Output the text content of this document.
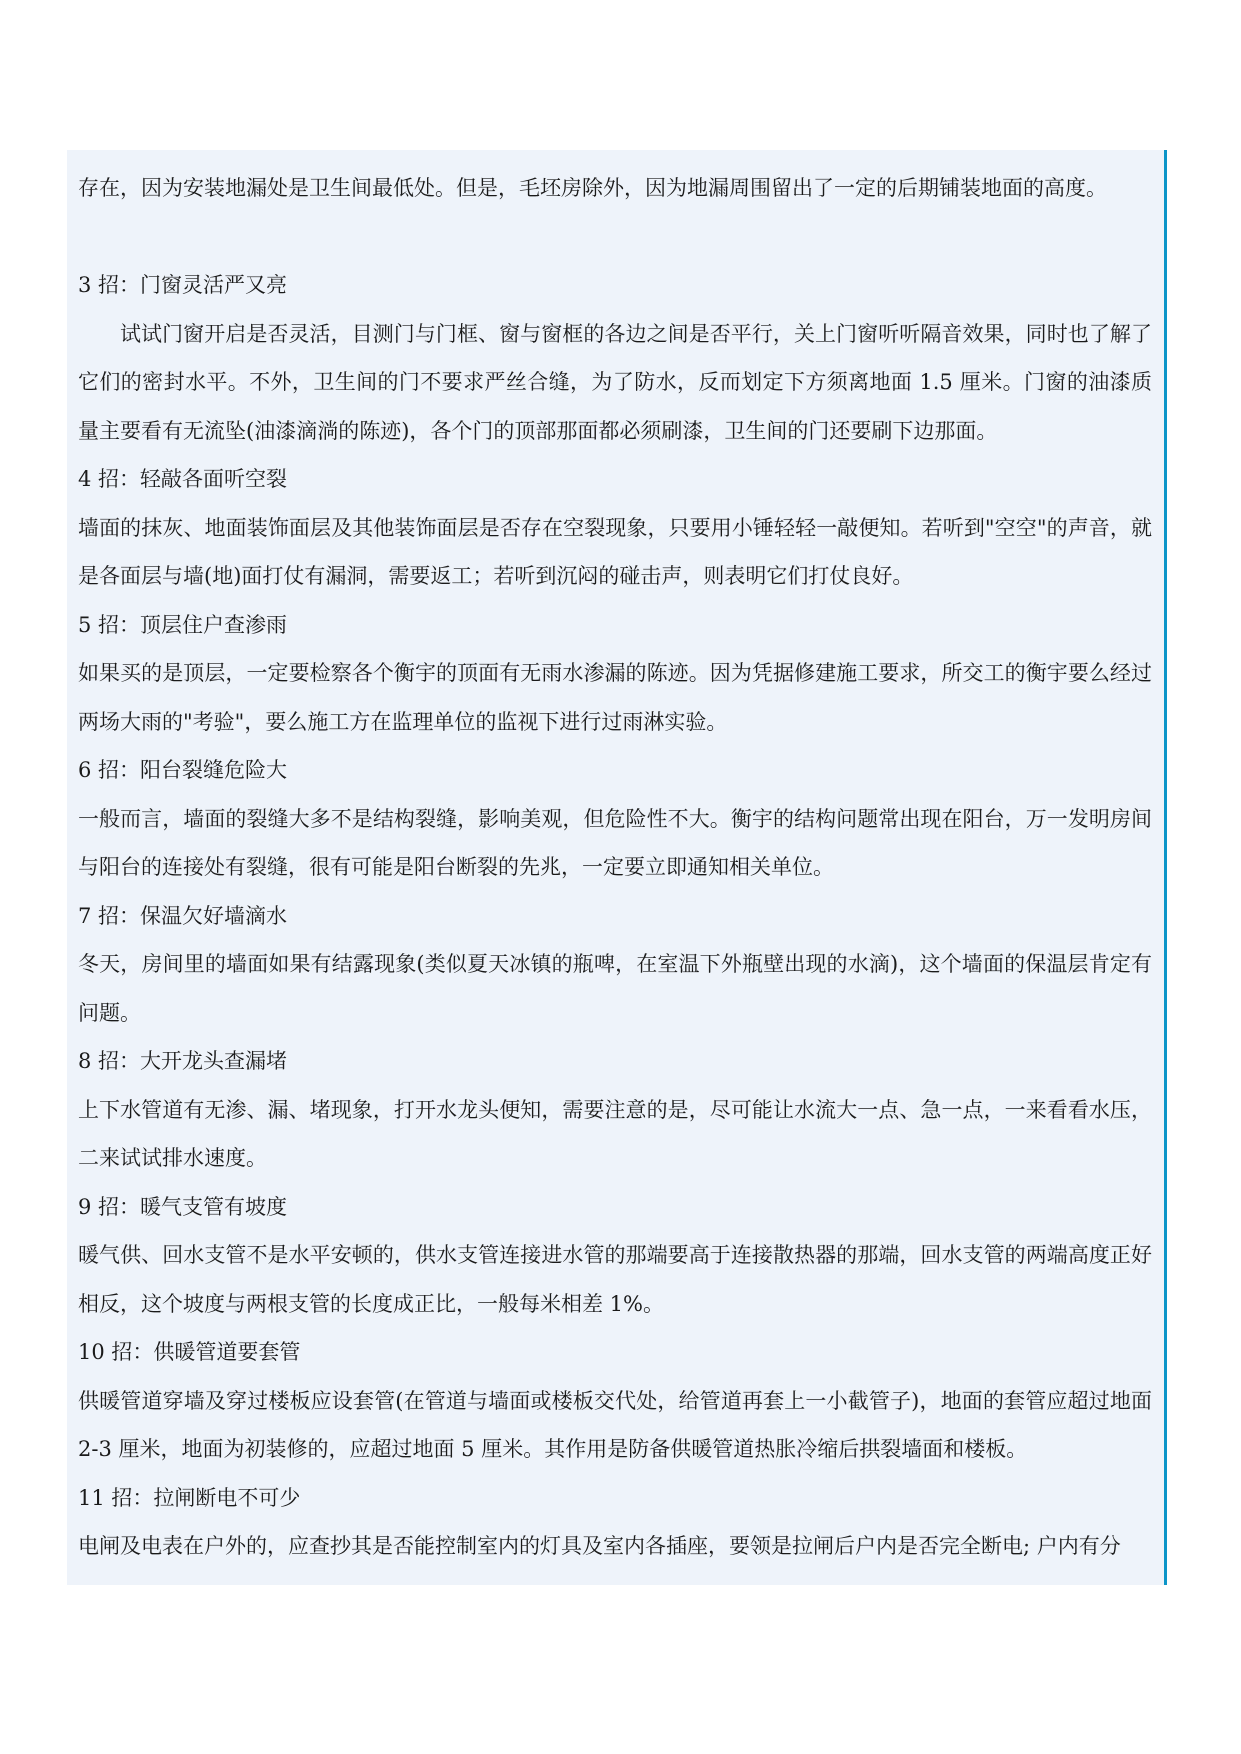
存在，因为安装地漏处是卫生间最低处。但是，毛坯房除外，因为地漏周围留出了一定的后期铺装地面的高度。

3 招：门窗灵活严又亮

试试门窗开启是否灵活，目测门与门框、窗与窗框的各边之间是否平行，关上门窗听听隔音效果，同时也了解了它们的密封水平。不外，卫生间的门不要求严丝合缝，为了防水，反而划定下方须离地面 1.5 厘米。门窗的油漆质量主要看有无流坠(油漆滴淌的陈迹)，各个门的顶部那面都必须刷漆，卫生间的门还要刷下边那面。

4 招：轻敲各面听空裂

墙面的抹灰、地面装饰面层及其他装饰面层是否存在空裂现象，只要用小锤轻轻一敲便知。若听到"空空"的声音，就是各面层与墙(地)面打仗有漏洞，需要返工；若听到沉闷的碰击声，则表明它们打仗良好。

5 招：顶层住户查渗雨

如果买的是顶层，一定要检察各个衡宇的顶面有无雨水渗漏的陈迹。因为凭据修建施工要求，所交工的衡宇要么经过两场大雨的"考验"，要么施工方在监理单位的监视下进行过雨淋实验。

6 招：阳台裂缝危险大

一般而言，墙面的裂缝大多不是结构裂缝，影响美观，但危险性不大。衡宇的结构问题常出现在阳台，万一发明房间与阳台的连接处有裂缝，很有可能是阳台断裂的先兆，一定要立即通知相关单位。

7 招：保温欠好墙滴水

冬天，房间里的墙面如果有结露现象(类似夏天冰镇的瓶啤，在室温下外瓶壁出现的水滴)，这个墙面的保温层肯定有问题。

8 招：大开龙头查漏堵

上下水管道有无渗、漏、堵现象，打开水龙头便知，需要注意的是，尽可能让水流大一点、急一点，一来看看水压，二来试试排水速度。

9 招：暖气支管有坡度

暖气供、回水支管不是水平安顿的，供水支管连接进水管的那端要高于连接散热器的那端，回水支管的两端高度正好相反，这个坡度与两根支管的长度成正比，一般每米相差 1%。

10 招：供暖管道要套管

供暖管道穿墙及穿过楼板应设套管(在管道与墙面或楼板交代处，给管道再套上一小截管子)，地面的套管应超过地面 2-3 厘米，地面为初装修的，应超过地面 5 厘米。其作用是防备供暖管道热胀冷缩后拱裂墙面和楼板。

11 招：拉闸断电不可少

电闸及电表在户外的，应查抄其是否能控制室内的灯具及室内各插座，要领是拉闸后户内是否完全断电; 户内有分
